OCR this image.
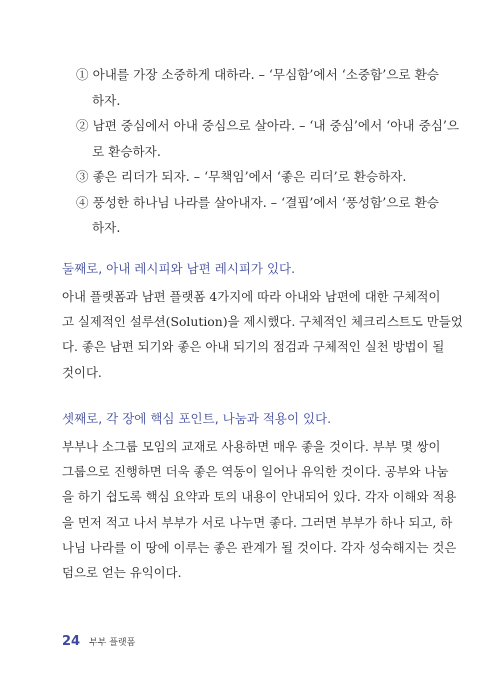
① 아내를 가장 소중하게 대하라. – ‘무심함’에서 ‘소중함’으로 환승
하자.
② 남편 중심에서 아내 중심으로 살아라. – ‘내 중심’에서 ‘아내 중심’으
로 환승하자.
③ 좋은 리더가 되자. – ‘무책임’에서 ‘좋은 리더’로 환승하자.
④ 풍성한 하나님 나라를 살아내자. – ‘결핍’에서 ‘풍성함’으로 환승
하자.
둘째로, 아내 레시피와 남편 레시피가 있다.
아내 플랫폼과 남편 플랫폼 4가지에 따라 아내와 남편에 대한 구체적이
고 실제적인 설루션(Solution)을 제시했다. 구체적인 체크리스트도 만들었
다. 좋은 남편 되기와 좋은 아내 되기의 점검과 구체적인 실천 방법이 될
것이다.
셋째로, 각 장에 핵심 포인트, 나눔과 적용이 있다.
부부나 소그룹 모임의 교재로 사용하면 매우 좋을 것이다. 부부 몇 쌍이
그룹으로 진행하면 더욱 좋은 역동이 일어나 유익한 것이다. 공부와 나눔
을 하기 쉽도록 핵심 요약과 토의 내용이 안내되어 있다. 각자 이해와 적용
을 먼저 적고 나서 부부가 서로 나누면 좋다. 그러면 부부가 하나 되고, 하
나님 나라를 이 땅에 이루는 좋은 관계가 될 것이다. 각자 성숙해지는 것은
덤으로 얻는 유익이다.
24 부부 플랫폼
